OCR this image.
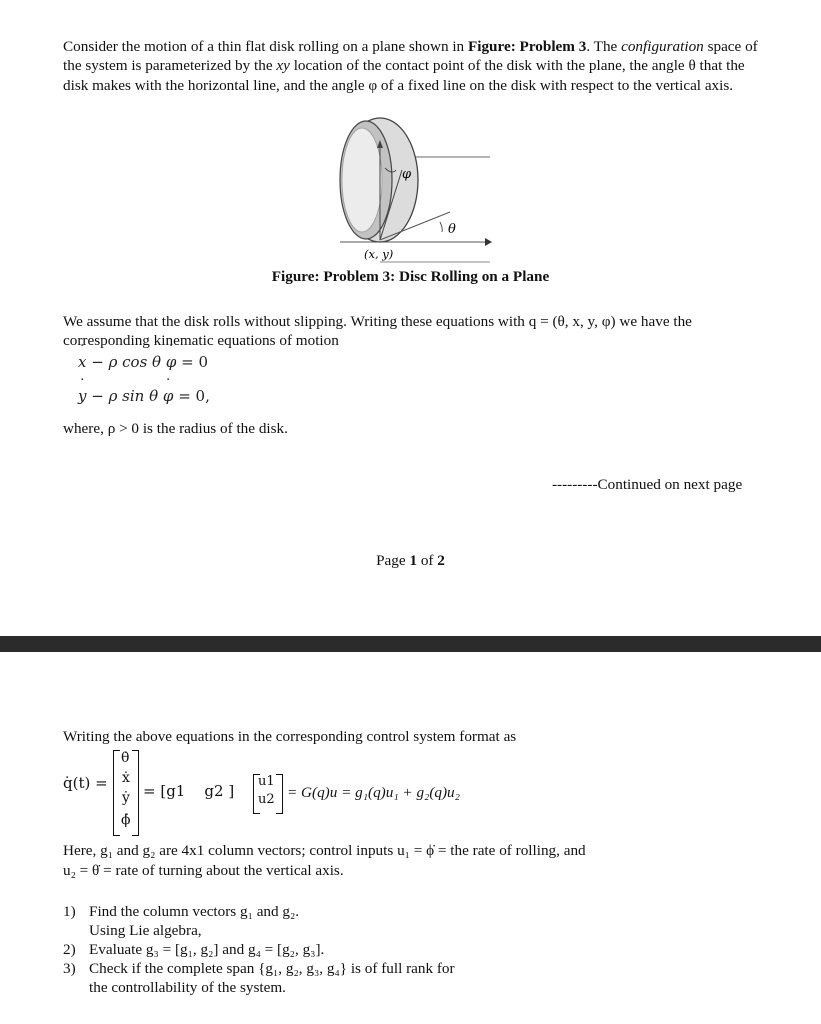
Consider the motion of a thin flat disk rolling on a plane shown in Figure: Problem 3. The configuration space of the system is parameterized by the xy location of the contact point of the disk with the plane, the angle θ that the disk makes with the horizontal line, and the angle φ of a fixed line on the disk with respect to the vertical axis.
φ
θ
(x, y)
Figure: Problem 3: Disc Rolling on a Plane
We assume that the disk rolls without slipping. Writing these equations with q = (θ, x, y, φ) we have the corresponding kinematic equations of motion
˙ x − ρ cos θ ˙ φ = 0
˙ y − ρ sin θ ˙ φ = 0,
where, ρ > 0 is the radius of the disk.
---------Continued on next page
Page 1 of 2
Writing the above equations in the corresponding control system format as
q̇(t) =
θ̇
ẋ
ẏ
ϕ̇
= [g1    g2 ]
u1
u2 = G(q)u = g₁(q)u₁ + g₂(q)u₂
Here, g₁ and g₂ are 4x1 column vectors; control inputs u₁ = ϕ̇ = the rate of rolling, and
u₂ = θ̇ = rate of turning about the vertical axis.
1) Find the column vectors g₁ and g₂.
Using Lie algebra,
2) Evaluate g₃ = [g₁, g₂] and g₄ = [g₂, g₃].
3) Check if the complete span {g₁, g₂, g₃, g₄} is of full rank for
the controllability of the system.
